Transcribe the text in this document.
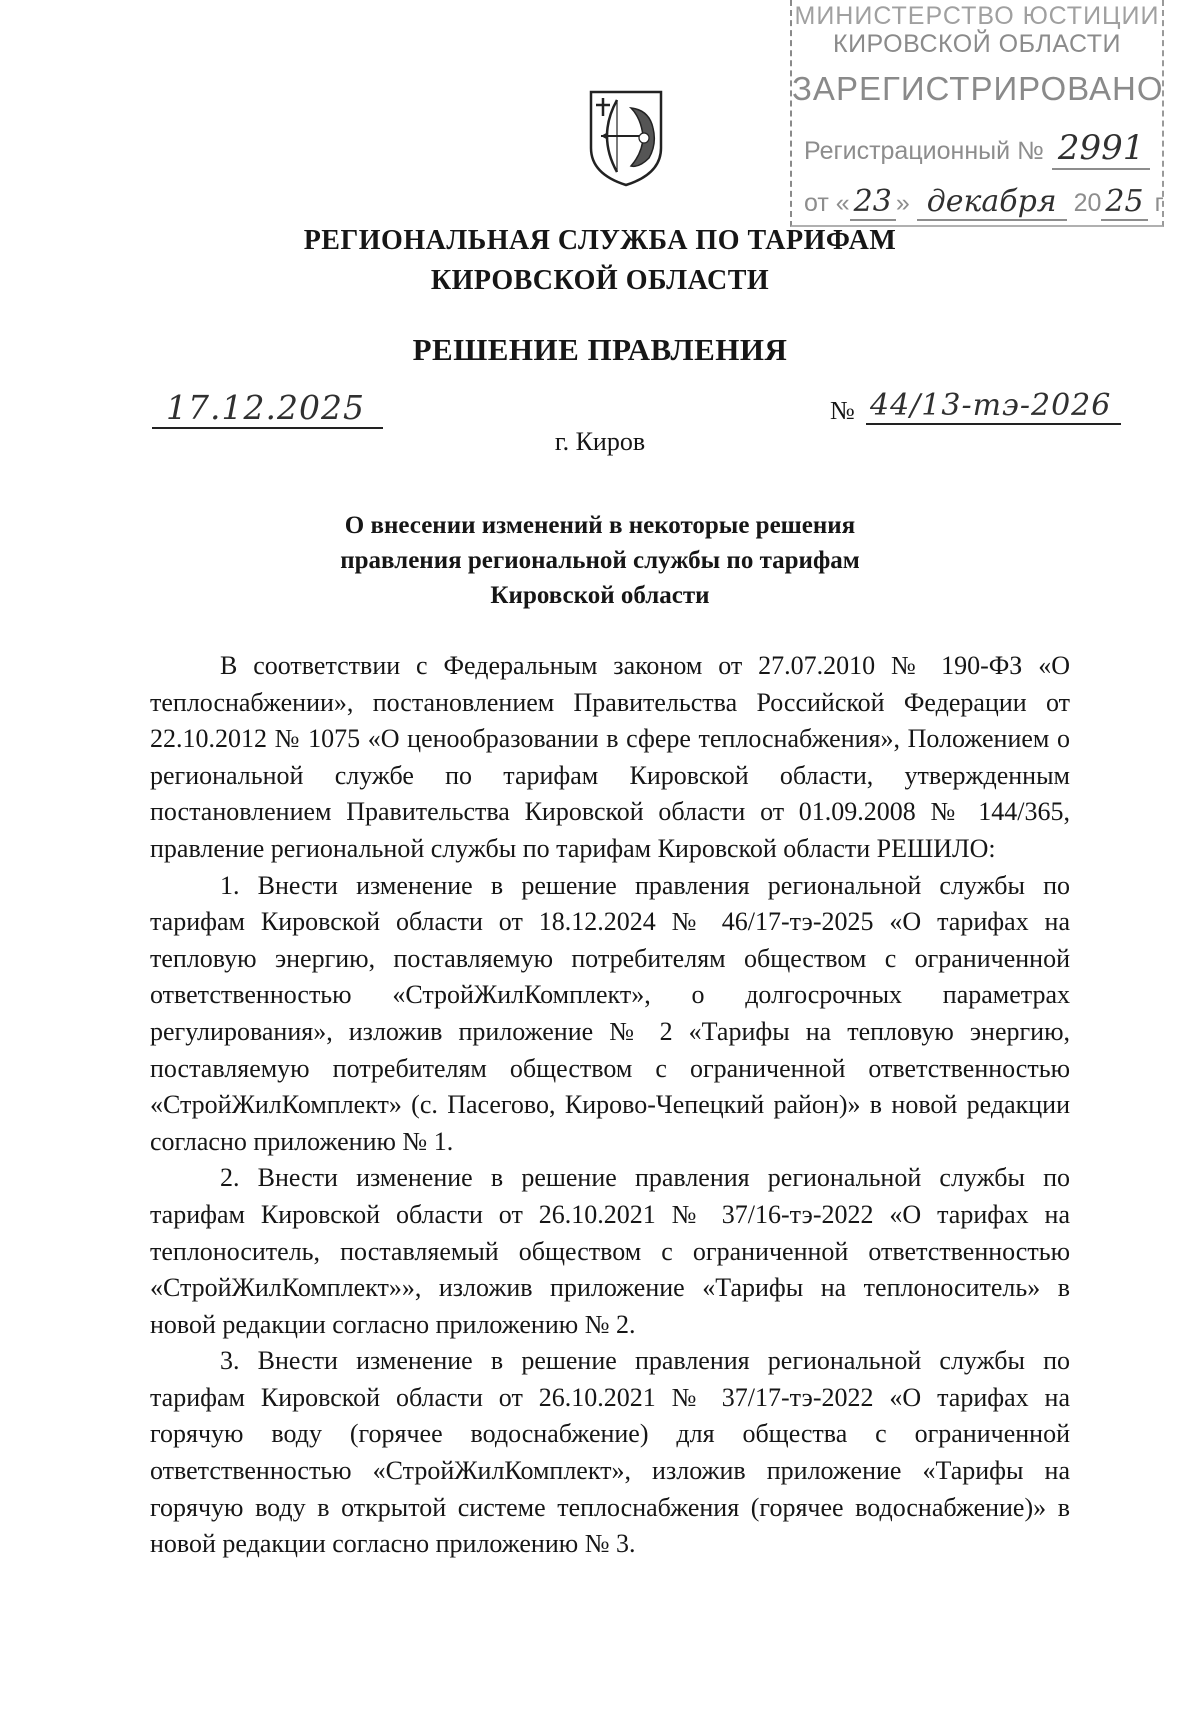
МИНИСТЕРСТВО ЮСТИЦИИ
КИРОВСКОЙ ОБЛАСТИ
ЗАРЕГИСТРИРОВАНО
Регистрационный № 2991
от « 23 » декабря 20 25 г
РЕГИОНАЛЬНАЯ СЛУЖБА ПО ТАРИФАМ
КИРОВСКОЙ ОБЛАСТИ
РЕШЕНИЕ ПРАВЛЕНИЯ
17.12.2025	№ 44/13-тэ-2026
г. Киров
О внесении изменений в некоторые решения
правления региональной службы по тарифам
Кировской области

В соответствии с Федеральным законом от 27.07.2010 № 190-ФЗ «О теплоснабжении», постановлением Правительства Российской Федерации от 22.10.2012 № 1075 «О ценообразовании в сфере теплоснабжения», Положением о региональной службе по тарифам Кировской области, утвержденным постановлением Правительства Кировской области от 01.09.2008 № 144/365, правление региональной службы по тарифам Кировской области РЕШИЛО:

1. Внести изменение в решение правления региональной службы по тарифам Кировской области от 18.12.2024 № 46/17-тэ-2025 «О тарифах на тепловую энергию, поставляемую потребителям обществом с ограниченной ответственностью «СтройЖилКомплект», о долгосрочных параметрах регулирования», изложив приложение № 2 «Тарифы на тепловую энергию, поставляемую потребителям обществом с ограниченной ответственностью «СтройЖилКомплект» (с. Пасегово, Кирово-Чепецкий район)» в новой редакции согласно приложению № 1.

2. Внести изменение в решение правления региональной службы по тарифам Кировской области от 26.10.2021 № 37/16-тэ-2022 «О тарифах на теплоноситель, поставляемый обществом с ограниченной ответственностью «СтройЖилКомплект»», изложив приложение «Тарифы на теплоноситель» в новой редакции согласно приложению № 2.

3. Внести изменение в решение правления региональной службы по тарифам Кировской области от 26.10.2021 № 37/17-тэ-2022 «О тарифах на горячую воду (горячее водоснабжение) для общества с ограниченной ответственностью «СтройЖилКомплект», изложив приложение «Тарифы на горячую воду в открытой системе теплоснабжения (горячее водоснабжение)» в новой редакции согласно приложению № 3.
